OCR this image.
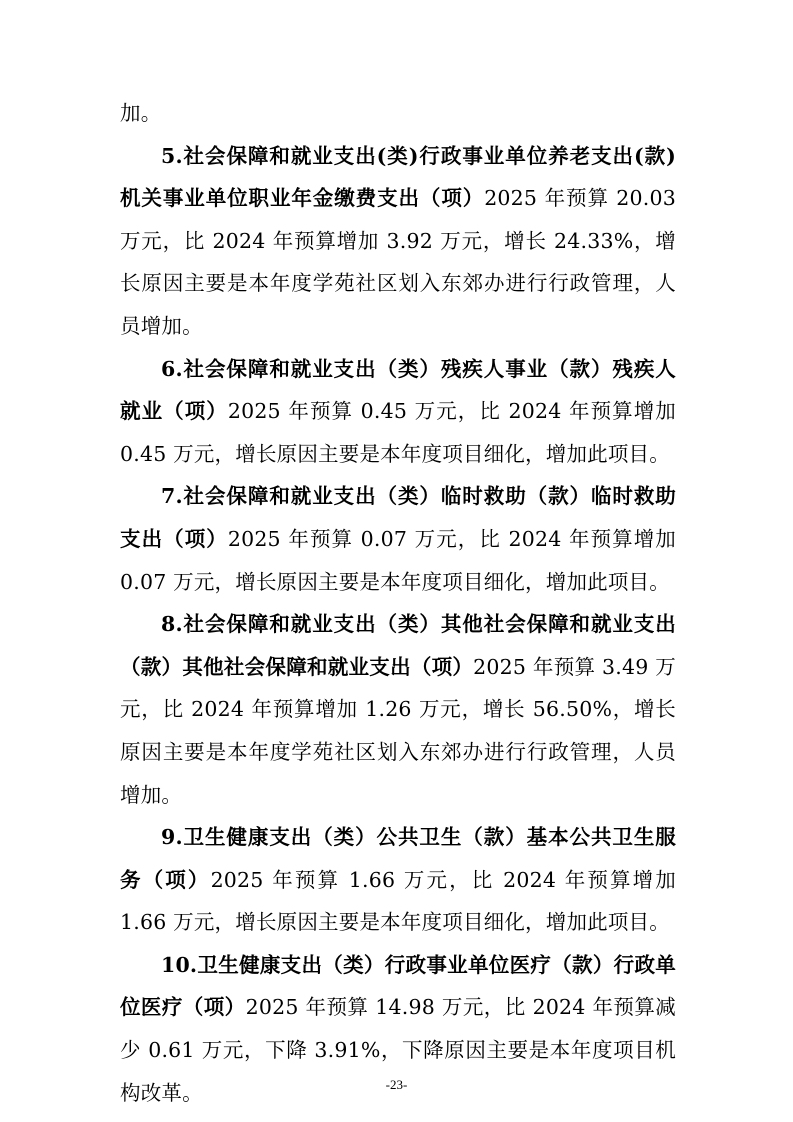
加。

5.社会保障和就业支出(类)行政事业单位养老支出(款)机关事业单位职业年金缴费支出（项）2025 年预算 20.03 万元，比 2024 年预算增加 3.92 万元，增长 24.33%，增长原因主要是本年度学苑社区划入东郊办进行行政管理，人员增加。

6.社会保障和就业支出（类）残疾人事业（款）残疾人就业（项）2025 年预算 0.45 万元，比 2024 年预算增加 0.45 万元，增长原因主要是本年度项目细化，增加此项目。

7.社会保障和就业支出（类）临时救助（款）临时救助支出（项）2025 年预算 0.07 万元，比 2024 年预算增加 0.07 万元，增长原因主要是本年度项目细化，增加此项目。

8.社会保障和就业支出（类）其他社会保障和就业支出（款）其他社会保障和就业支出（项）2025 年预算 3.49 万元，比 2024 年预算增加 1.26 万元，增长 56.50%，增长原因主要是本年度学苑社区划入东郊办进行行政管理，人员增加。

9.卫生健康支出（类）公共卫生（款）基本公共卫生服务（项）2025 年预算 1.66 万元，比 2024 年预算增加 1.66 万元，增长原因主要是本年度项目细化，增加此项目。

10.卫生健康支出（类）行政事业单位医疗（款）行政单位医疗（项）2025 年预算 14.98 万元，比 2024 年预算减少 0.61 万元，下降 3.91%，下降原因主要是本年度项目机构改革。	-23-
